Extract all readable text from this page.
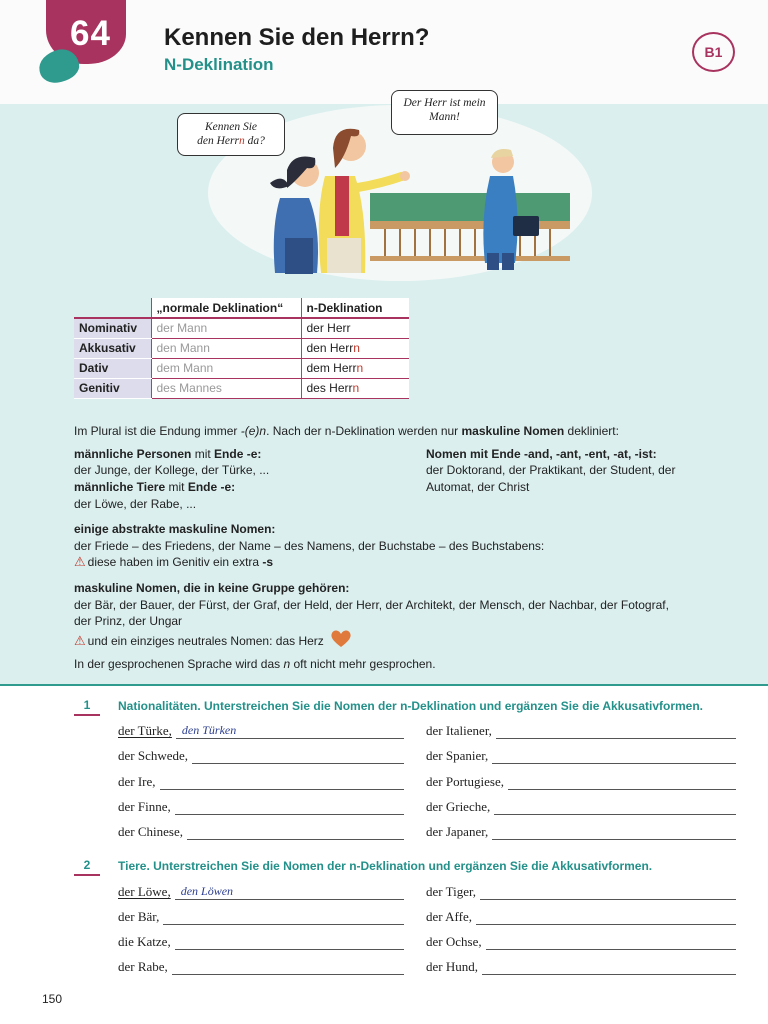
64 Kennen Sie den Herrn?
N-Deklination
B1
Kennen Sie
den Herrn da?
Der Herr ist mein
Mann!
	„normale Deklination“	n-Deklination
Nominativ	der Mann	der Herr
Akkusativ	den Mann	den Herrn
Dativ	dem Mann	dem Herrn
Genitiv	des Mannes	des Herrn
Im Plural ist die Endung immer -(e)n. Nach der n-Deklination werden nur maskuline Nomen dekliniert:
männliche Personen mit Ende -e:
der Junge, der Kollege, der Türke, ...
männliche Tiere mit Ende -e:
der Löwe, der Rabe, ...
Nomen mit Ende -and, -ant, -ent, -at, -ist:
der Doktorand, der Praktikant, der Student, der
Automat, der Christ
einige abstrakte maskuline Nomen:
der Friede – des Friedens, der Name – des Namens, der Buchstabe – des Buchstabens:
⚠ diese haben im Genitiv ein extra -s
maskuline Nomen, die in keine Gruppe gehören:
der Bär, der Bauer, der Fürst, der Graf, der Held, der Herr, der Architekt, der Mensch, der Nachbar, der Fotograf,
der Prinz, der Ungar
⚠ und ein einziges neutrales Nomen: das Herz
In der gesprochenen Sprache wird das n oft nicht mehr gesprochen.
1	Nationalitäten. Unterstreichen Sie die Nomen der n-Deklination und ergänzen Sie die Akkusativformen.
der Türke, den Türken
der Schwede,
der Ire,
der Finne,
der Chinese,
der Italiener,
der Spanier,
der Portugiese,
der Grieche,
der Japaner,
2	Tiere. Unterstreichen Sie die Nomen der n-Deklination und ergänzen Sie die Akkusativformen.
der Löwe, den Löwen
der Bär,
die Katze,
der Rabe,
der Tiger,
der Affe,
der Ochse,
der Hund,
150
